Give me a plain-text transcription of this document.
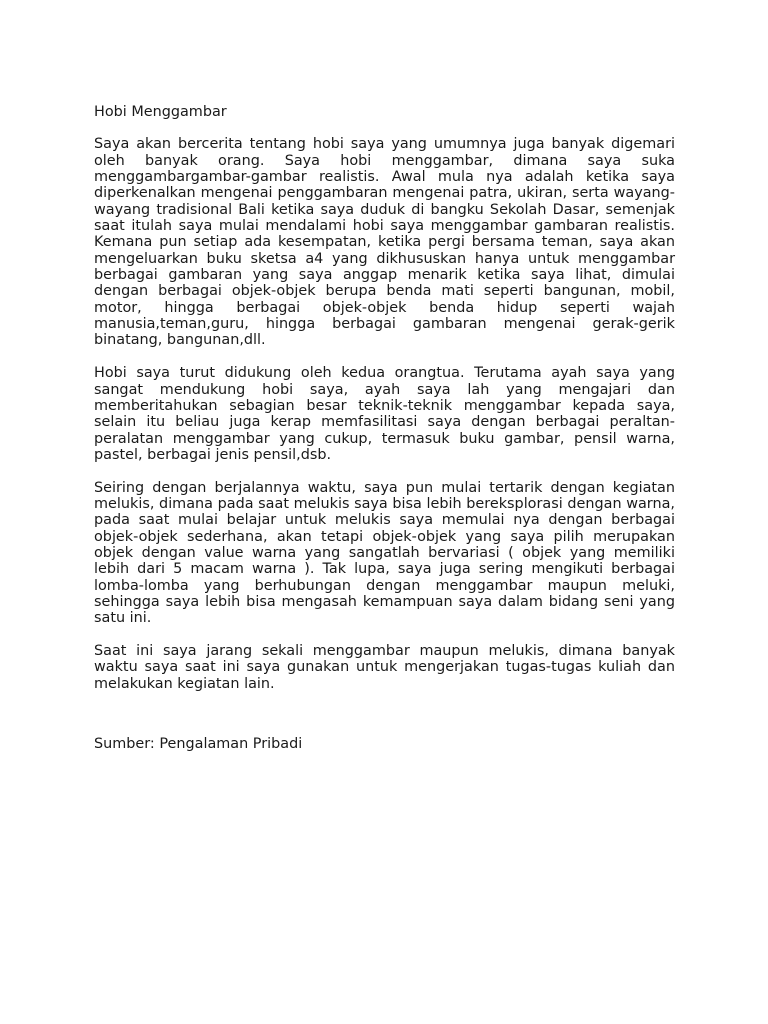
Hobi Menggambar

Saya akan bercerita tentang hobi saya yang umumnya juga banyak digemari oleh banyak orang. Saya hobi menggambar, dimana saya suka menggambargambar-gambar realistis. Awal mula nya adalah ketika saya diperkenalkan mengenai penggambaran mengenai patra, ukiran, serta wayang-wayang tradisional Bali ketika saya duduk di bangku Sekolah Dasar, semenjak saat itulah saya mulai mendalami hobi saya menggambar gambaran realistis. Kemana pun setiap ada kesempatan, ketika pergi bersama teman, saya akan mengeluarkan buku sketsa a4 yang dikhususkan hanya untuk menggambar berbagai gambaran yang saya anggap menarik ketika saya lihat, dimulai dengan berbagai objek-objek berupa benda mati seperti bangunan, mobil, motor, hingga berbagai objek-objek benda hidup seperti wajah manusia,teman,guru, hingga berbagai gambaran mengenai gerak-gerik binatang, bangunan,dll.

Hobi saya turut didukung oleh kedua orangtua. Terutama ayah saya yang sangat mendukung hobi saya, ayah saya lah yang mengajari dan memberitahukan sebagian besar teknik-teknik menggambar kepada saya, selain itu beliau juga kerap memfasilitasi saya dengan berbagai peraltan-peralatan menggambar yang cukup, termasuk buku gambar, pensil warna, pastel, berbagai jenis pensil,dsb.

Seiring dengan berjalannya waktu, saya pun mulai tertarik dengan kegiatan melukis, dimana pada saat melukis saya bisa lebih bereksplorasi dengan warna, pada saat mulai belajar untuk melukis saya memulai nya dengan berbagai objek-objek sederhana, akan tetapi objek-objek yang saya pilih merupakan objek dengan value warna yang sangatlah bervariasi ( objek yang memiliki lebih dari 5 macam warna ). Tak lupa, saya juga sering mengikuti berbagai lomba-lomba yang berhubungan dengan menggambar maupun meluki, sehingga saya lebih bisa mengasah kemampuan saya dalam bidang seni yang satu ini.

Saat ini saya jarang sekali menggambar maupun melukis, dimana banyak waktu saya saat ini saya gunakan untuk mengerjakan tugas-tugas kuliah dan melakukan kegiatan lain.

Sumber: Pengalaman Pribadi
